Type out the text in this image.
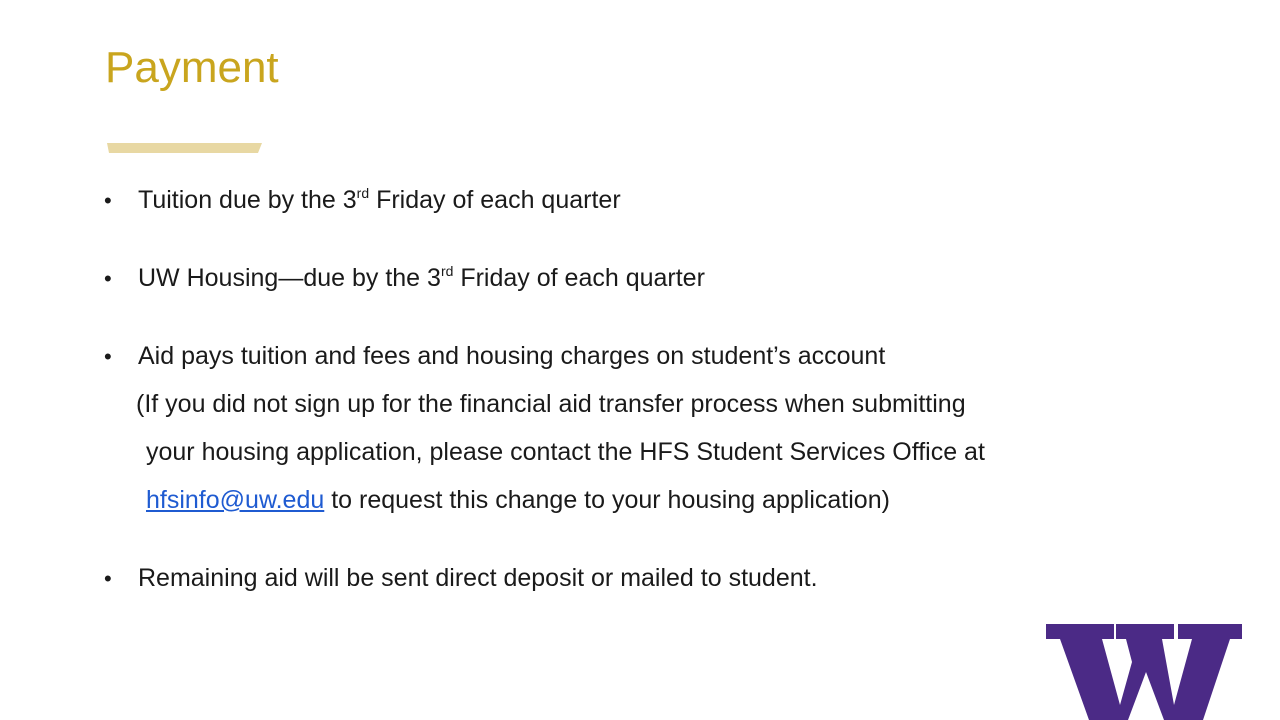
Payment
• Tuition due by the 3rd Friday of each quarter
• UW Housing—due by the 3rd Friday of each quarter
• Aid pays tuition and fees and housing charges on student’s account
(If you did not sign up for the financial aid transfer process when submitting
your housing application, please contact the HFS Student Services Office at
hfsinfo@uw.edu to request this change to your housing application)
• Remaining aid will be sent direct deposit or mailed to student.
